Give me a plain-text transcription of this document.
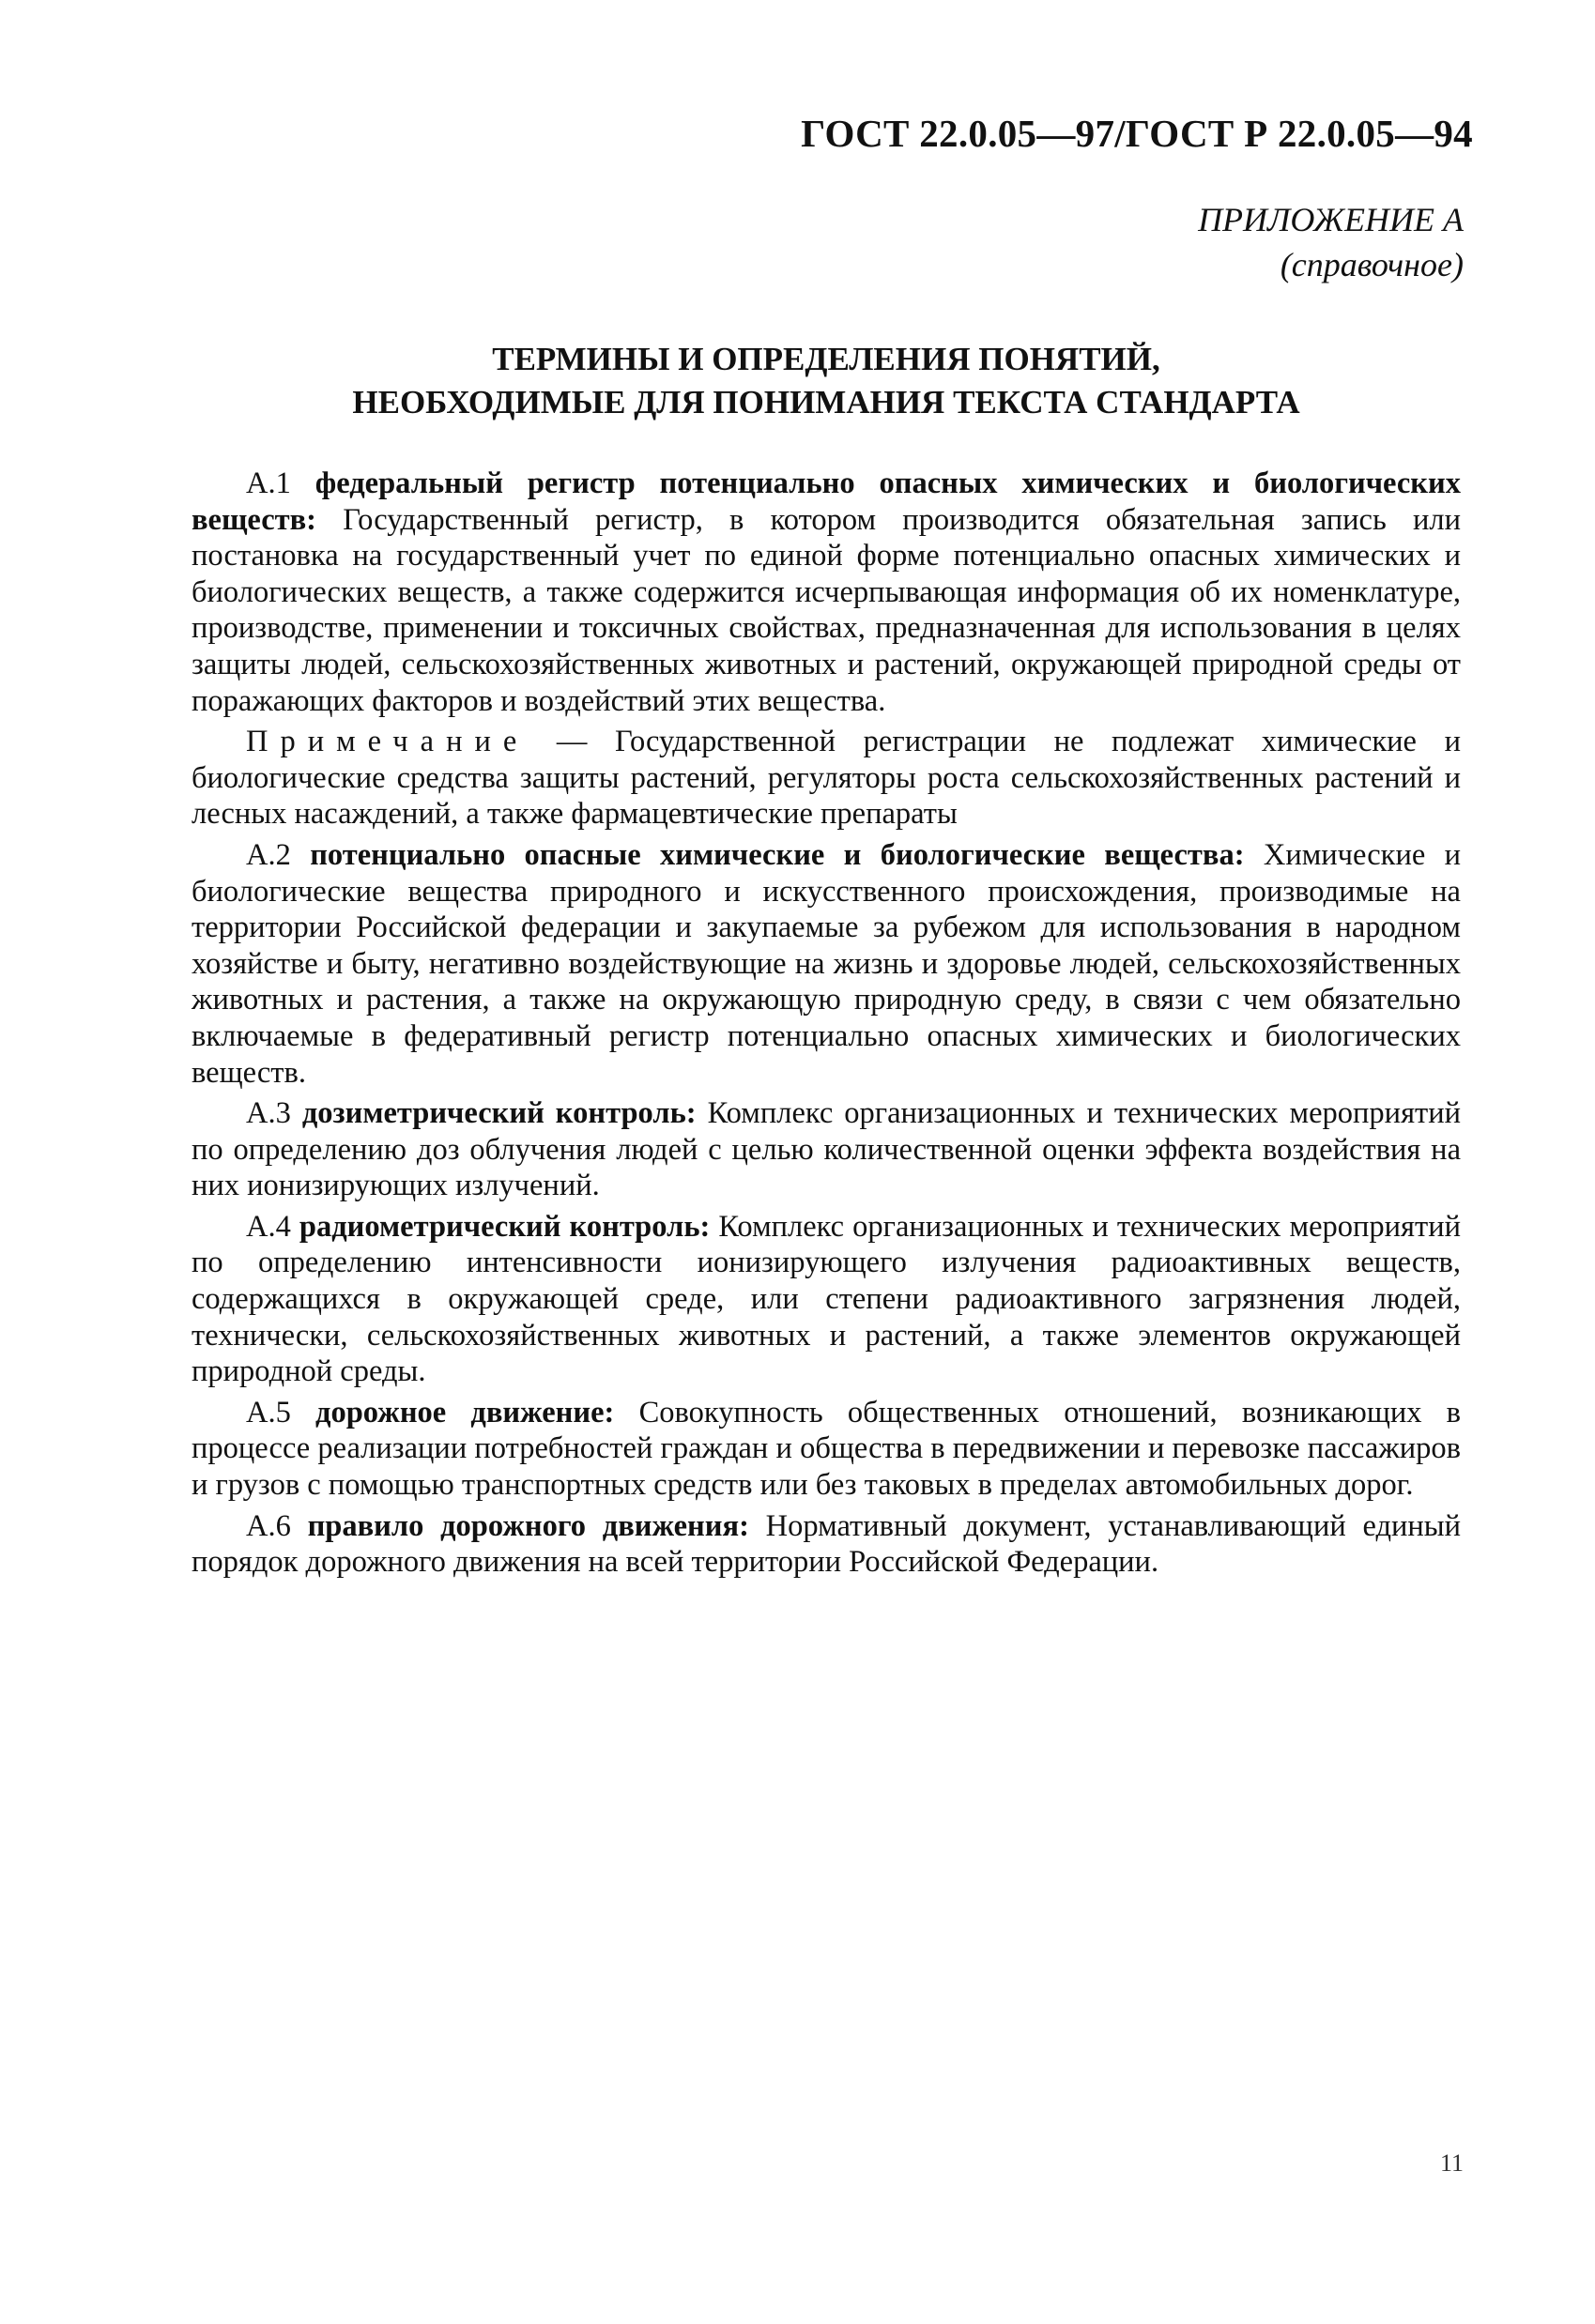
ГОСТ 22.0.05—97/ГОСТ Р 22.0.05—94
ПРИЛОЖЕНИЕ А
(справочное)
ТЕРМИНЫ И ОПРЕДЕЛЕНИЯ ПОНЯТИЙ,
НЕОБХОДИМЫЕ ДЛЯ ПОНИМАНИЯ ТЕКСТА СТАНДАРТА

А.1 федеральный регистр потенциально опасных химических и биологических веществ: Государственный регистр, в котором производится обязательная запись или постановка на государственный учет по единой форме потенциально опасных химических и биологических веществ, а также содержится исчерпывающая информация об их номенклатуре, производстве, применении и токсичных свойствах, предназначенная для использования в целях защиты людей, сельскохозяйственных животных и растений, окружающей природной среды от поражающих факторов и воздействий этих вещества.

Примечание — Государственной регистрации не подлежат химические и биологические средства защиты растений, регуляторы роста сельскохозяйственных растений и лесных насаждений, а также фармацевтические препараты

А.2 потенциально опасные химические и биологические вещества: Химические и биологические вещества природного и искусственного происхождения, производимые на территории Российской федерации и закупаемые за рубежом для использования в народном хозяйстве и быту, негативно воздействующие на жизнь и здоровье людей, сельскохозяйственных животных и растения, а также на окружающую природную среду, в связи с чем обязательно включаемые в федеративный регистр потенциально опасных химических и биологических веществ.

А.3 дозиметрический контроль: Комплекс организационных и технических мероприятий по определению доз облучения людей с целью количественной оценки эффекта воздействия на них ионизирующих излучений.

А.4 радиометрический контроль: Комплекс организационных и технических мероприятий по определению интенсивности ионизирующего излучения радиоактивных веществ, содержащихся в окружающей среде, или степени радиоактивного загрязнения людей, технически, сельскохозяйственных животных и растений, а также элементов окружающей природной среды.

А.5 дорожное движение: Совокупность общественных отношений, возникающих в процессе реализации потребностей граждан и общества в передвижении и перевозке пассажиров и грузов с помощью транспортных средств или без таковых в пределах автомобильных дорог.

А.6 правило дорожного движения: Нормативный документ, устанавливающий единый порядок дорожного движения на всей территории Российской Федерации.

11
